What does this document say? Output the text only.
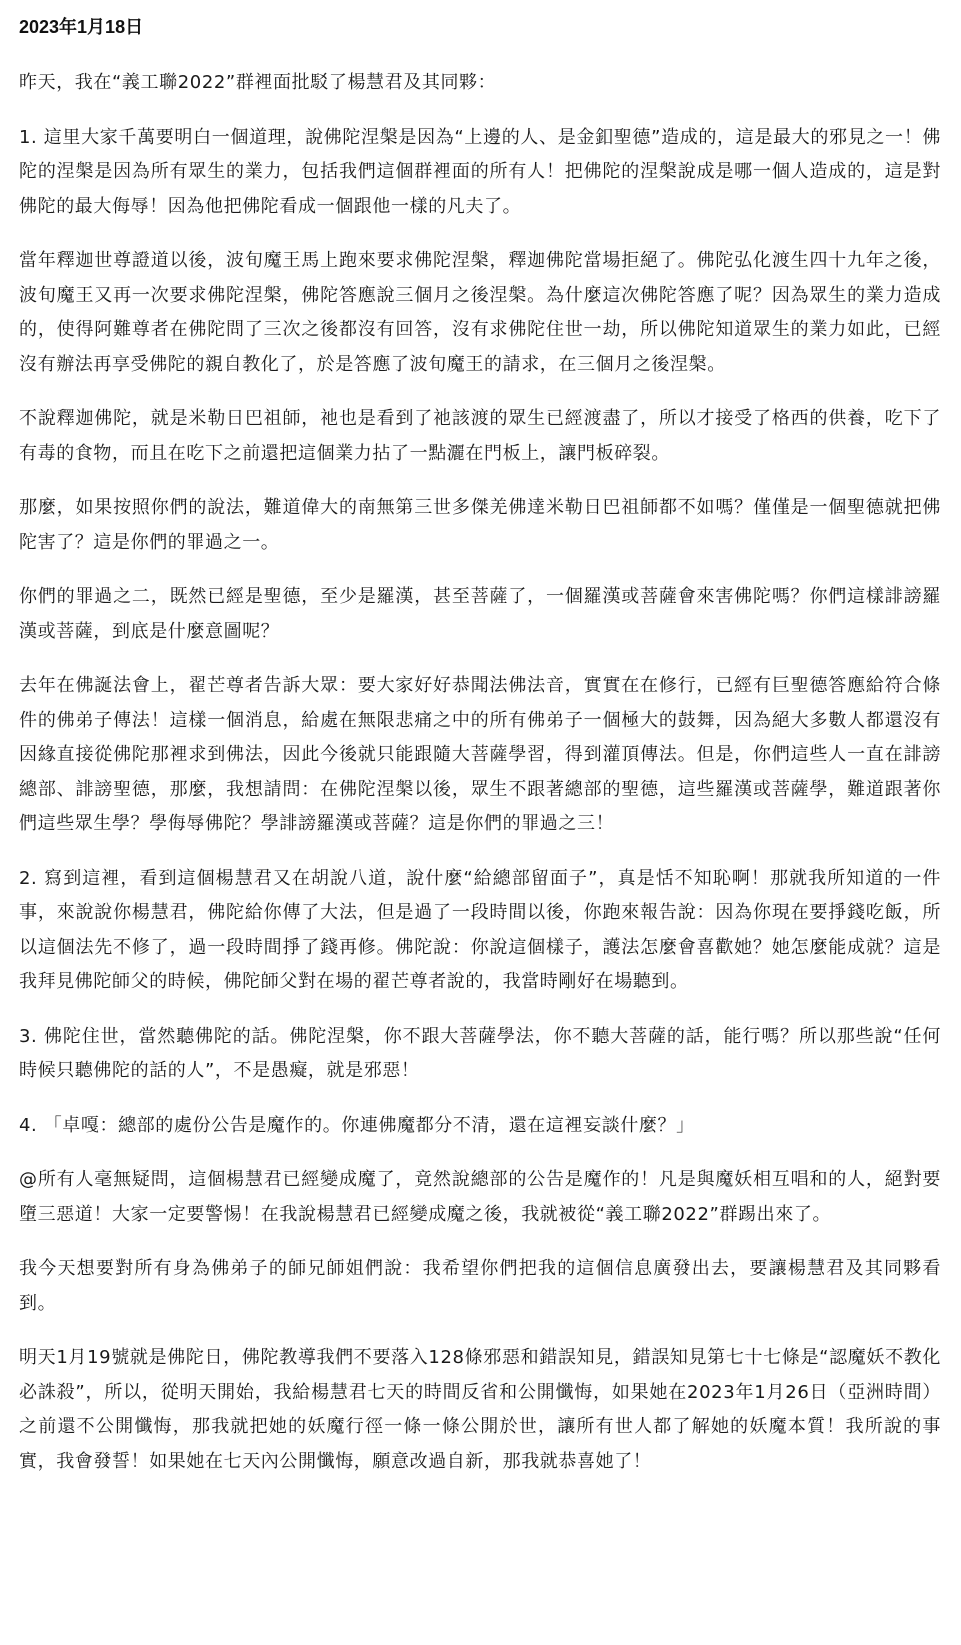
2023年1月18日

昨天，我在“義工聯2022”群裡面批駁了楊慧君及其同夥：

1. 這里大家千萬要明白一個道理，說佛陀涅槃是因為“上邊的人、是金釦聖德”造成的，這是最大的邪見之一！佛陀的涅槃是因為所有眾生的業力，包括我們這個群裡面的所有人！把佛陀的涅槃說成是哪一個人造成的，這是對佛陀的最大侮辱！因為他把佛陀看成一個跟他一樣的凡夫了。

當年釋迦世尊證道以後，波旬魔王馬上跑來要求佛陀涅槃，釋迦佛陀當場拒絕了。佛陀弘化渡生四十九年之後，波旬魔王又再一次要求佛陀涅槃，佛陀答應說三個月之後涅槃。為什麼這次佛陀答應了呢？因為眾生的業力造成的，使得阿難尊者在佛陀問了三次之後都沒有回答，沒有求佛陀住世一劫，所以佛陀知道眾生的業力如此，已經沒有辦法再享受佛陀的親自教化了，於是答應了波旬魔王的請求，在三個月之後涅槃。

不說釋迦佛陀，就是米勒日巴祖師，祂也是看到了祂該渡的眾生已經渡盡了，所以才接受了格西的供養，吃下了有毒的食物，而且在吃下之前還把這個業力拈了一點灑在門板上，讓門板碎裂。

那麼，如果按照你們的說法，難道偉大的南無第三世多傑羌佛達米勒日巴祖師都不如嗎？僅僅是一個聖德就把佛陀害了？這是你們的罪過之一。

你們的罪過之二，既然已經是聖德，至少是羅漢，甚至菩薩了，一個羅漢或菩薩會來害佛陀嗎？你們這樣誹謗羅漢或菩薩，到底是什麼意圖呢？

去年在佛誕法會上，翟芒尊者告訴大眾：要大家好好恭聞法佛法音，實實在在修行，已經有巨聖德答應給符合條件的佛弟子傳法！這樣一個消息，給處在無限悲痛之中的所有佛弟子一個極大的鼓舞，因為絕大多數人都還沒有因緣直接從佛陀那裡求到佛法，因此今後就只能跟隨大菩薩學習，得到灌頂傳法。但是，你們這些人一直在誹謗總部、誹謗聖德，那麼，我想請問：在佛陀涅槃以後，眾生不跟著總部的聖德，這些羅漢或菩薩學，難道跟著你們這些眾生學？學侮辱佛陀？學誹謗羅漢或菩薩？這是你們的罪過之三！

2. 寫到這裡，看到這個楊慧君又在胡說八道，說什麼“給總部留面子”，真是恬不知恥啊！那就我所知道的一件事，來說說你楊慧君，佛陀給你傳了大法，但是過了一段時間以後，你跑來報告說：因為你現在要掙錢吃飯，所以這個法先不修了，過一段時間掙了錢再修。佛陀說：你說這個樣子，護法怎麼會喜歡她？她怎麼能成就？這是我拜見佛陀師父的時候，佛陀師父對在場的翟芒尊者說的，我當時剛好在場聽到。

3. 佛陀住世，當然聽佛陀的話。佛陀涅槃，你不跟大菩薩學法，你不聽大菩薩的話，能行嗎？所以那些說“任何時候只聽佛陀的話的人”，不是愚癡，就是邪惡！

4. 「卓嘎：總部的處份公告是魔作的。你連佛魔都分不清，還在這裡妄談什麼？」

@所有人毫無疑問，這個楊慧君已經變成魔了，竟然說總部的公告是魔作的！凡是與魔妖相互唱和的人，絕對要墮三惡道！大家一定要警惕！在我說楊慧君已經變成魔之後，我就被從“義工聯2022”群踢出來了。

我今天想要對所有身為佛弟子的師兄師姐們說：我希望你們把我的這個信息廣發出去，要讓楊慧君及其同夥看到。

明天1月19號就是佛陀日，佛陀教導我們不要落入128條邪惡和錯誤知見，錯誤知見第七十七條是“認魔妖不教化必誅殺”，所以，從明天開始，我給楊慧君七天的時間反省和公開懺悔，如果她在2023年1月26日（亞洲時間）之前還不公開懺悔，那我就把她的妖魔行徑一條一條公開於世，讓所有世人都了解她的妖魔本質！我所說的事實，我會發誓！如果她在七天內公開懺悔，願意改過自新，那我就恭喜她了！
